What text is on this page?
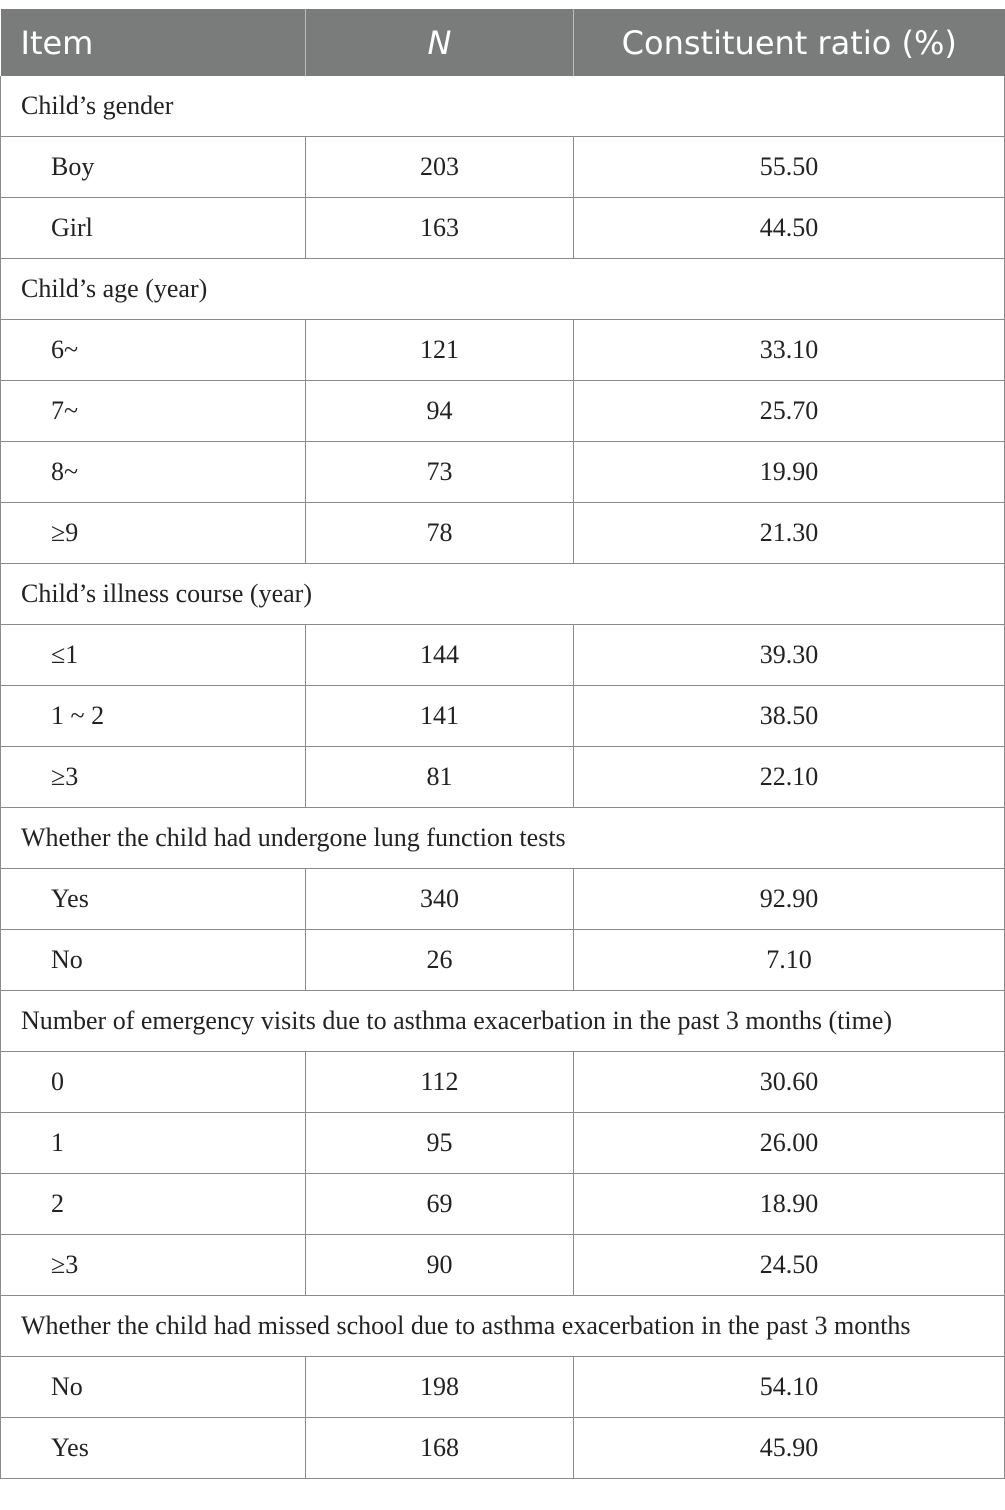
Item	N	Constituent ratio (%)
Child’s gender		
Boy	203	55.50
Girl	163	44.50
Child’s age (year)		
6~	121	33.10
7~	94	25.70
8~	73	19.90
≥9	78	21.30
Child’s illness course (year)		
≤1	144	39.30
1 ~ 2	141	38.50
≥3	81	22.10
Whether the child had undergone lung function tests		
Yes	340	92.90
No	26	7.10
Number of emergency visits due to asthma exacerbation in the past 3 months (time)		
0	112	30.60
1	95	26.00
2	69	18.90
≥3	90	24.50
Whether the child had missed school due to asthma exacerbation in the past 3 months		
No	198	54.10
Yes	168	45.90
